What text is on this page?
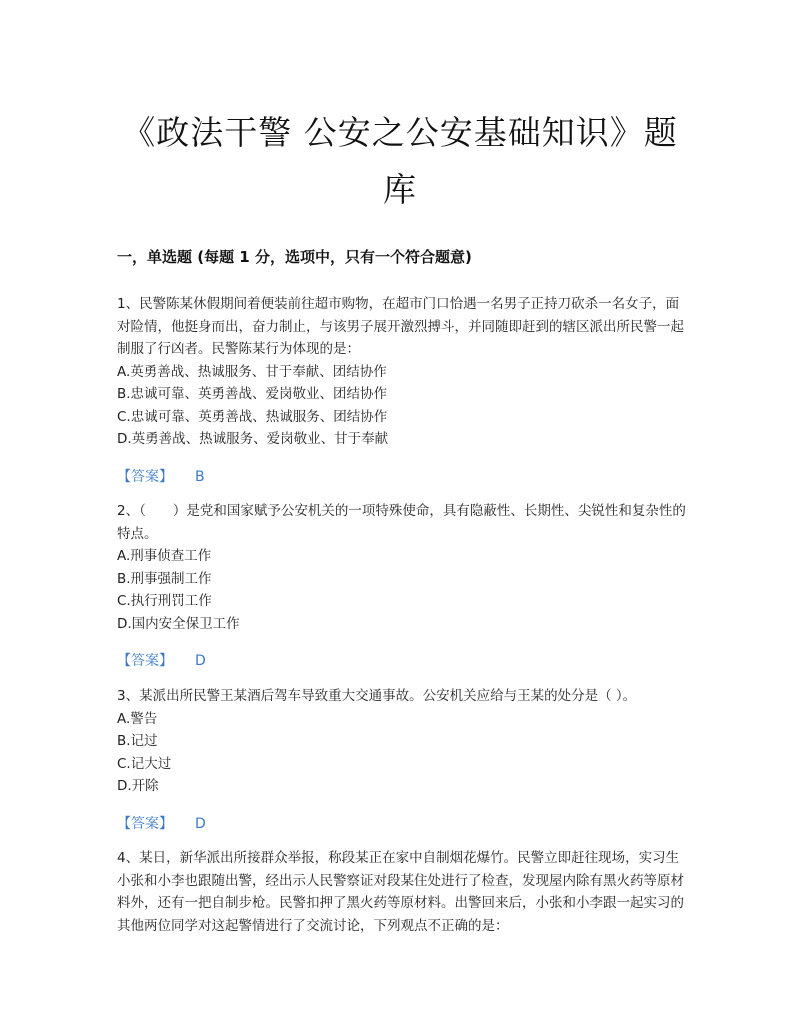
《政法干警 公安之公安基础知识》题库
一，单选题 (每题 1 分，选项中，只有一个符合题意)

1、民警陈某休假期间着便装前往超市购物，在超市门口恰遇一名男子正持刀砍杀一名女子，面对险情，他挺身而出，奋力制止，与该男子展开激烈搏斗，并同随即赶到的辖区派出所民警一起制服了行凶者。民警陈某行为体现的是：

A.英勇善战、热诚服务、甘于奉献、团结协作

B.忠诚可靠、英勇善战、爱岗敬业、团结协作

C.忠诚可靠、英勇善战、热诚服务、团结协作

D.英勇善战、热诚服务、爱岗敬业、甘于奉献

【答案】 B

2、（　　）是党和国家赋予公安机关的一项特殊使命，具有隐蔽性、长期性、尖锐性和复杂性的特点。

A.刑事侦查工作

B.刑事强制工作

C.执行刑罚工作

D.国内安全保卫工作

【答案】 D

3、某派出所民警王某酒后驾车导致重大交通事故。公安机关应给与王某的处分是（ ）。

A.警告

B.记过

C.记大过

D.开除

【答案】 D

4、某日，新华派出所接群众举报，称段某正在家中自制烟花爆竹。民警立即赶往现场，实习生小张和小李也跟随出警，经出示人民警察证对段某住处进行了检查，发现屋内除有黑火药等原材料外，还有一把自制步枪。民警扣押了黑火药等原材料。出警回来后，小张和小李跟一起实习的其他两位同学对这起警情进行了交流讨论，下列观点不正确的是：
